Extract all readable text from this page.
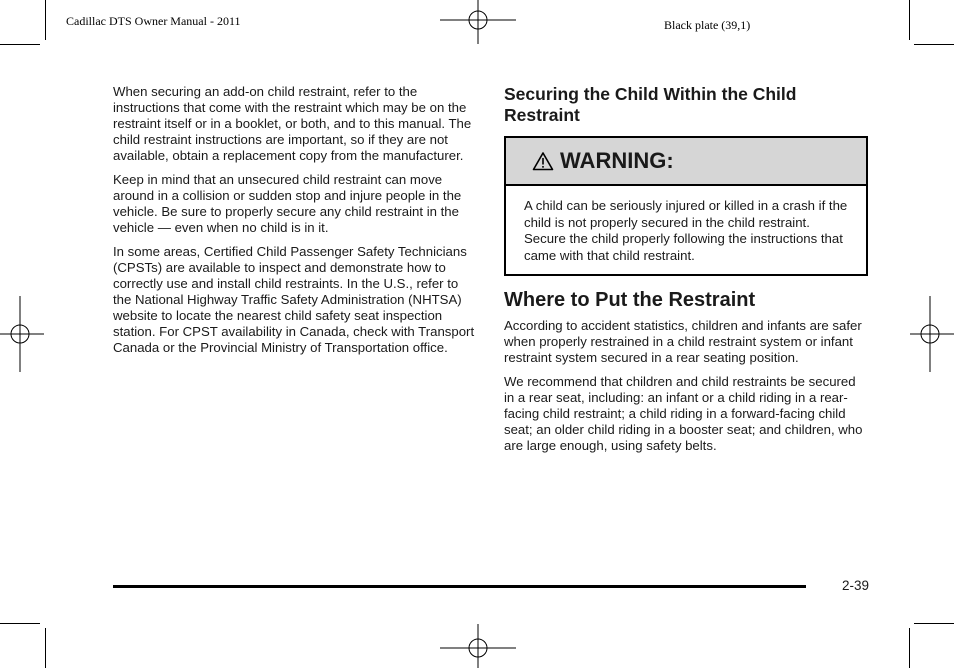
Cadillac DTS Owner Manual - 2011	Black plate (39,1)

When securing an add-on child restraint, refer to the instructions that come with the restraint which may be on the restraint itself or in a booklet, or both, and to this manual. The child restraint instructions are important, so if they are not available, obtain a replacement copy from the manufacturer.

Keep in mind that an unsecured child restraint can move around in a collision or sudden stop and injure people in the vehicle. Be sure to properly secure any child restraint in the vehicle — even when no child is in it.

In some areas, Certified Child Passenger Safety Technicians (CPSTs) are available to inspect and demonstrate how to correctly use and install child restraints. In the U.S., refer to the National Highway Traffic Safety Administration (NHTSA) website to locate the nearest child safety seat inspection station. For CPST availability in Canada, check with Transport Canada or the Provincial Ministry of Transportation office.

Securing the Child Within the Child Restraint
WARNING:
A child can be seriously injured or killed in a crash if the child is not properly secured in the child restraint. Secure the child properly following the instructions that came with that child restraint.
Where to Put the Restraint

According to accident statistics, children and infants are safer when properly restrained in a child restraint system or infant restraint system secured in a rear seating position.

We recommend that children and child restraints be secured in a rear seat, including: an infant or a child riding in a rear-facing child restraint; a child riding in a forward-facing child seat; an older child riding in a booster seat; and children, who are large enough, using safety belts.

2-39
